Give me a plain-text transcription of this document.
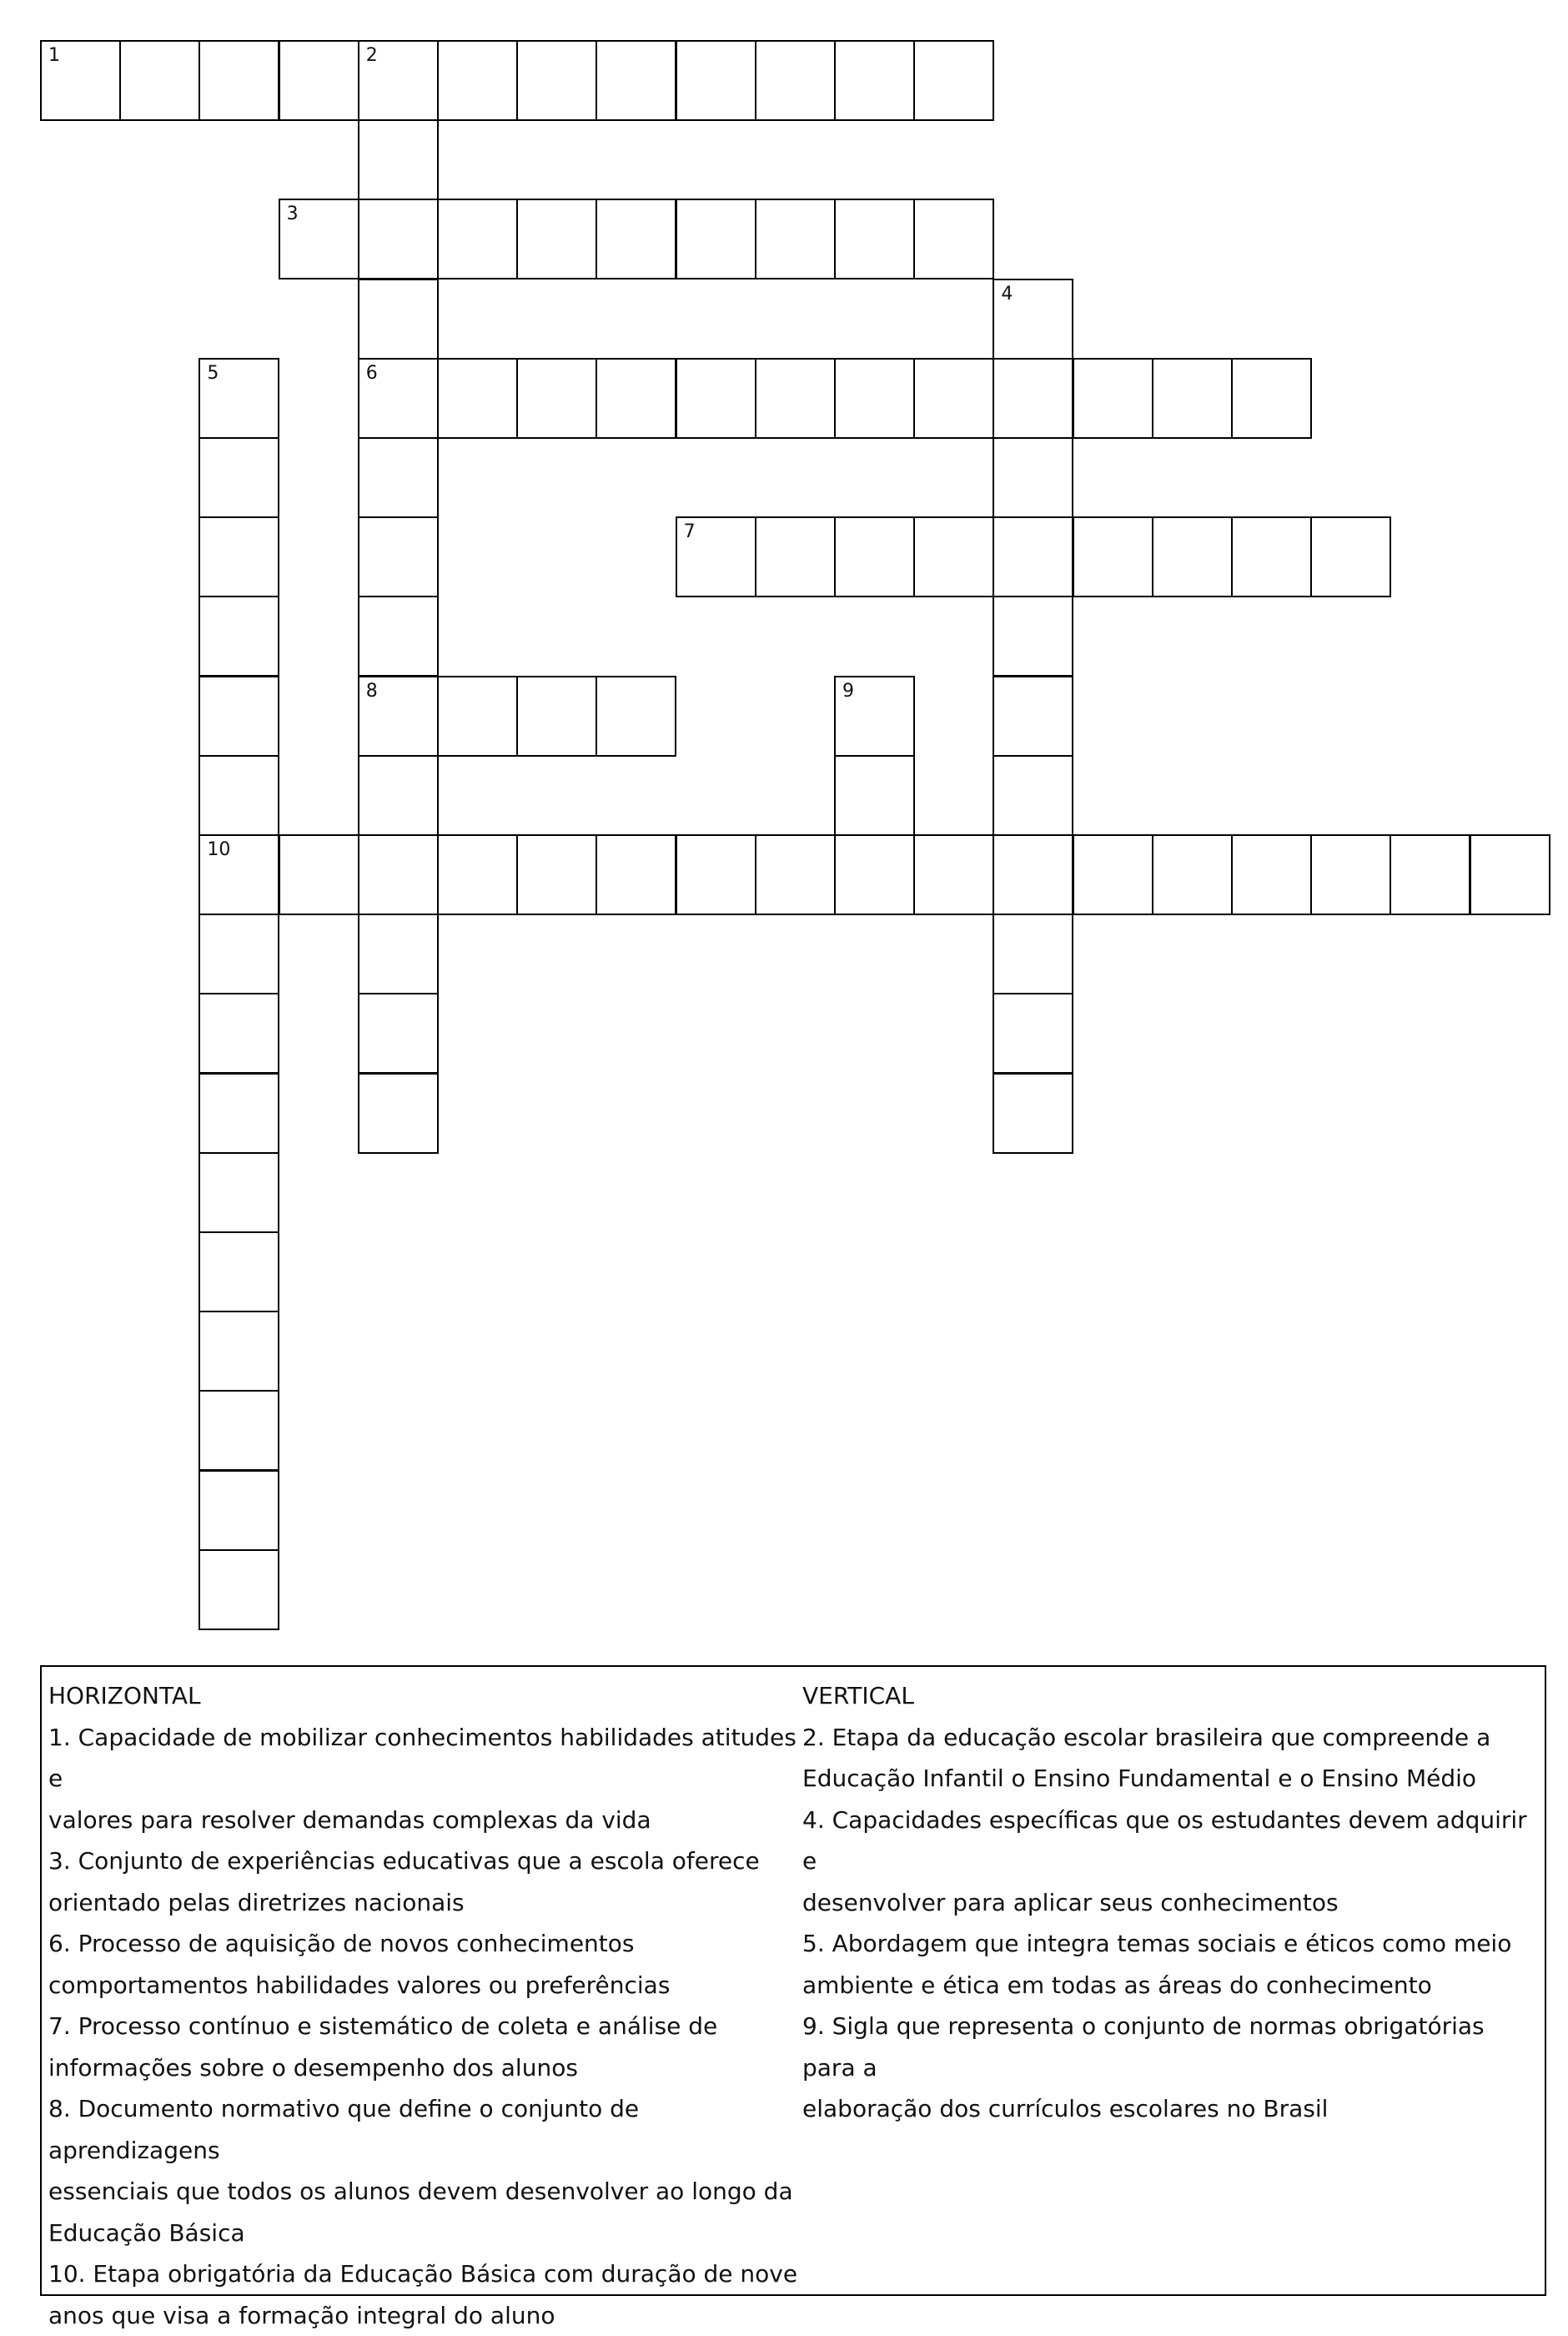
1	2
6
8
3
4
5
10
7
9
HORIZONTAL
1. Capacidade de mobilizar conhecimentos habilidades atitudes e
valores para resolver demandas complexas da vida
3. Conjunto de experiências educativas que a escola oferece
orientado pelas diretrizes nacionais
6. Processo de aquisição de novos conhecimentos
comportamentos habilidades valores ou preferências
7. Processo contínuo e sistemático de coleta e análise de
informações sobre o desempenho dos alunos
8. Documento normativo que define o conjunto de aprendizagens
essenciais que todos os alunos devem desenvolver ao longo da
Educação Básica
10. Etapa obrigatória da Educação Básica com duração de nove
anos que visa a formação integral do aluno
VERTICAL
2. Etapa da educação escolar brasileira que compreende a
Educação Infantil o Ensino Fundamental e o Ensino Médio
4. Capacidades específicas que os estudantes devem adquirir e
desenvolver para aplicar seus conhecimentos
5. Abordagem que integra temas sociais e éticos como meio
ambiente e ética em todas as áreas do conhecimento
9. Sigla que representa o conjunto de normas obrigatórias para a
elaboração dos currículos escolares no Brasil
